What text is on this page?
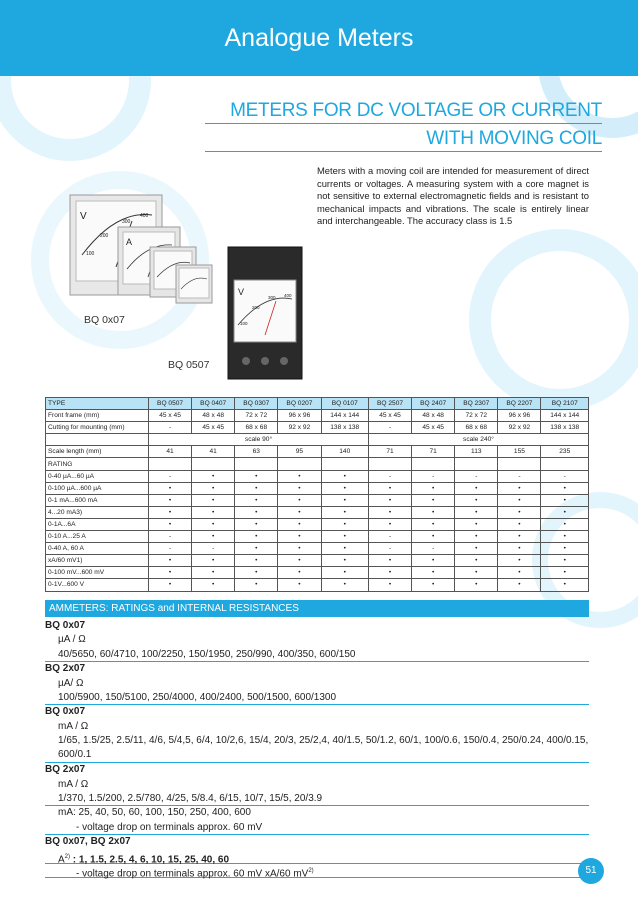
Analogue Meters
METERS FOR DC VOLTAGE OR CURRENT
WITH MOVING COIL

Meters with a moving coil are intended for measurement of direct currents or voltages. A measuring system with a core magnet is not sensitive to external electromagnetic fields and is resistant to mechanical impacts and vibrations. The scale is entirely linear and interchangeable. The accuracy class is 1.5

V
100
200
300
400
A
V
100
200
300 400
BQ 0x07
BQ 0507
TYPE	BQ 0507	BQ 0407	BQ 0307	BQ 0207	BQ 0107	BQ 2507	BQ 2407	BQ 2307	BQ 2207	BQ 2107
Front frame (mm)	45 x 45	48 x 48	72 x 72	96 x 96	144 x 144	45 x 45	48 x 48	72 x 72	96 x 96	144 x 144
Cutting for mounting (mm)	-	45 x 45	68 x 68	92 x 92	138 x 138	-	45 x 45	68 x 68	92 x 92	138 x 138
	scale 90°					scale 240°				
Scale length (mm)	41	41	63	95	140	71	71	113	155	235
RATING										
0-40 µA...60 µA	-	•	•	•	•	-	-	-	-	-
0-100 µA...600 µA	•	•	•	•	•	•	•	•	•	•
0-1 mA...600 mA	•	•	•	•	•	•	•	•	•	•
4...20 mA3)	•	•	•	•	•	•	•	•	•	•
0-1A...6A	•	•	•	•	•	•	•	•	•	•
0-10 A...25 A	-	•	•	•	•	-	•	•	•	•
0-40 A, 60 A	-	-	•	•	•	-	-	•	•	•
xA/60 mV1)	•	•	•	•	•	•	•	•	•	•
0-100 mV...600 mV	•	•	•	•	•	•	•	•	•	•
0-1V...600 V	•	•	•	•	•	•	•	•	•	•
AMMETERS: RATINGS and INTERNAL RESISTANCES
BQ 0x07
µA / Ω
40/5650, 60/4710, 100/2250, 150/1950, 250/990, 400/350, 600/150
BQ 2x07
µA/ Ω
100/5900, 150/5100, 250/4000, 400/2400, 500/1500, 600/1300
BQ 0x07
mA / Ω
1/65, 1.5/25, 2.5/11, 4/6, 5/4,5, 6/4, 10/2,6, 15/4, 20/3, 25/2,4, 40/1.5, 50/1.2, 60/1, 100/0.6, 150/0.4, 250/0.24, 400/0.15, 600/0.1
BQ 2x07
mA / Ω
1/370, 1.5/200, 2.5/780, 4/25, 5/8.4, 6/15, 10/7, 15/5, 20/3.9
mA: 25, 40, 50, 60, 100, 150, 250, 400, 600
- voltage drop on terminals approx. 60 mV
BQ 0x07, BQ 2x07
$A^{2)}$ : 1, 1.5, 2.5, 4, 6, 10, 15, 25, 40, 60
- voltage drop on terminals approx. 60 mV xA/60 $mV^{2)}$	51
